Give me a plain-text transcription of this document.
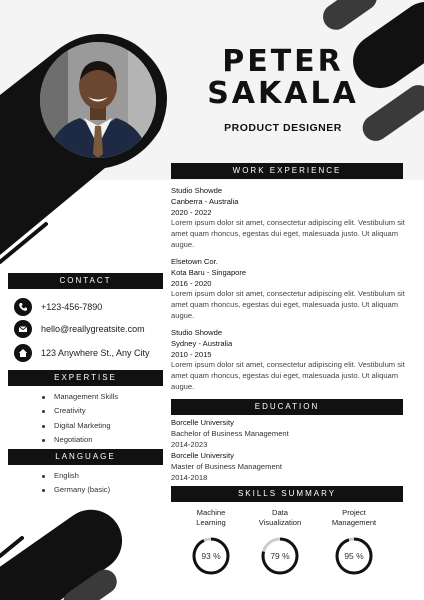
PETER
SAKALA
PRODUCT DESIGNER
WORK EXPERIENCE
Studio Showde
Canberra - Australia
2020 - 2022
Lorem ipsum dolor sit amet, consectetur adipiscing elit. Vestibulum sit amet quam rhoncus, egestas dui eget, malesuada justo. Ut aliquam augue.
Elsetown Cor.
Kota Baru - Singapore
2016 - 2020
Lorem ipsum dolor sit amet, consectetur adipiscing elit. Vestibulum sit amet quam rhoncus, egestas dui eget, malesuada justo. Ut aliquam augue.
Studio Showde
Sydney - Australia
2010 - 2015
Lorem ipsum dolor sit amet, consectetur adipiscing elit. Vestibulum sit amet quam rhoncus, egestas dui eget, malesuada justo. Ut aliquam augue.
CONTACT
+123-456-7890
hello@reallygreatsite.com
123 Anywhere St., Any City
EXPERTISE
Management Skills
Creativity
Digital Marketing
Negotiation
LANGUAGE
English
Germany (basic)
EDUCATION
Borcelle University
Bachelor of Business Management
2014-2023
Borcelle University
Master of Business Management
2014-2018
SKILLS SUMMARY
Machine
Learning
93 %
Data
Visualization
79 %
Project
Management
95 %
